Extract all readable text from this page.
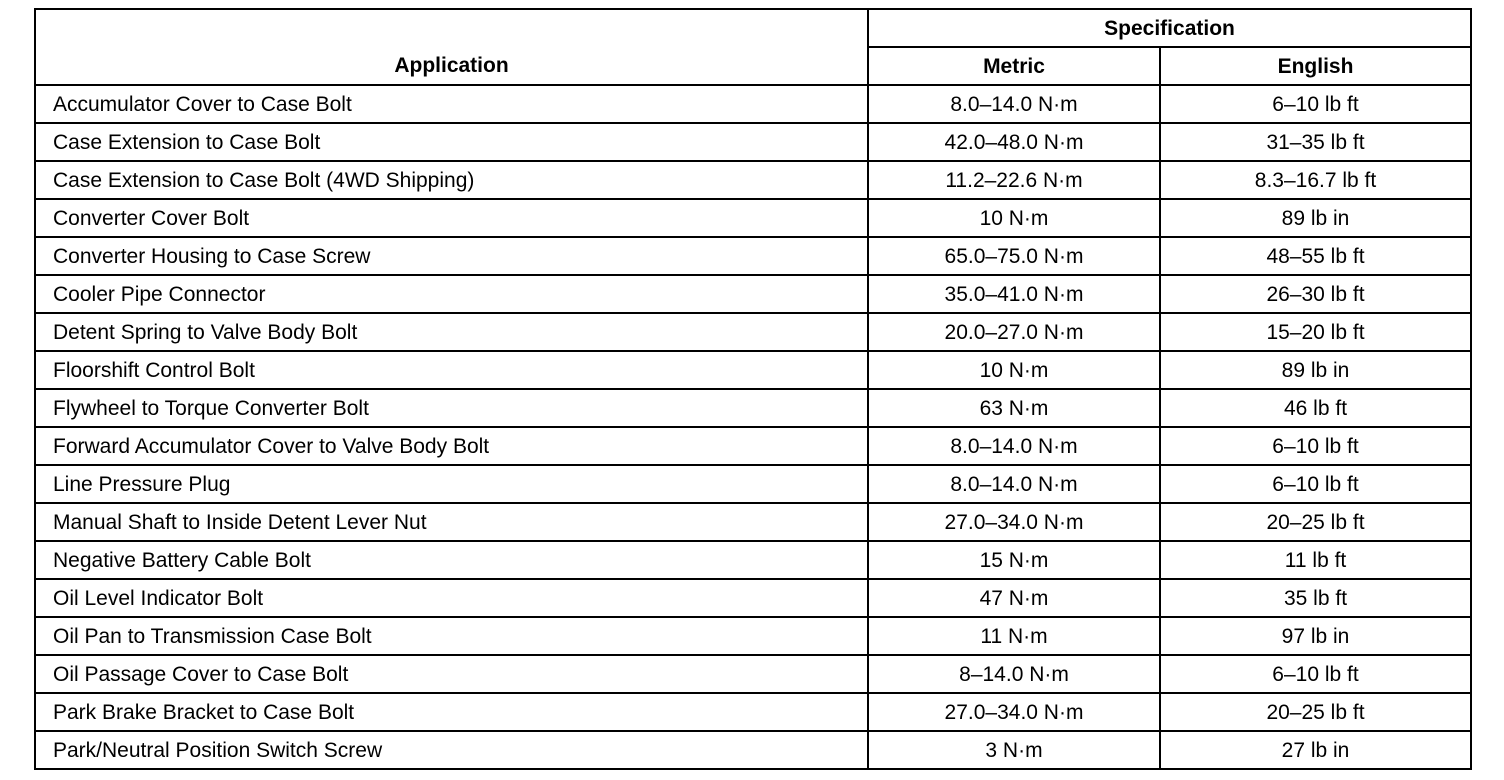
Application	Specification	
	Metric	English
Accumulator Cover to Case Bolt	8.0–14.0 N·m	6–10 lb ft
Case Extension to Case Bolt	42.0–48.0 N·m	31–35 lb ft
Case Extension to Case Bolt (4WD Shipping)	11.2–22.6 N·m	8.3–16.7 lb ft
Converter Cover Bolt	10 N·m	89 lb in
Converter Housing to Case Screw	65.0–75.0 N·m	48–55 lb ft
Cooler Pipe Connector	35.0–41.0 N·m	26–30 lb ft
Detent Spring to Valve Body Bolt	20.0–27.0 N·m	15–20 lb ft
Floorshift Control Bolt	10 N·m	89 lb in
Flywheel to Torque Converter Bolt	63 N·m	46 lb ft
Forward Accumulator Cover to Valve Body Bolt	8.0–14.0 N·m	6–10 lb ft
Line Pressure Plug	8.0–14.0 N·m	6–10 lb ft
Manual Shaft to Inside Detent Lever Nut	27.0–34.0 N·m	20–25 lb ft
Negative Battery Cable Bolt	15 N·m	11 lb ft
Oil Level Indicator Bolt	47 N·m	35 lb ft
Oil Pan to Transmission Case Bolt	11 N·m	97 lb in
Oil Passage Cover to Case Bolt	8–14.0 N·m	6–10 lb ft
Park Brake Bracket to Case Bolt	27.0–34.0 N·m	20–25 lb ft
Park/Neutral Position Switch Screw	3 N·m	27 lb in
